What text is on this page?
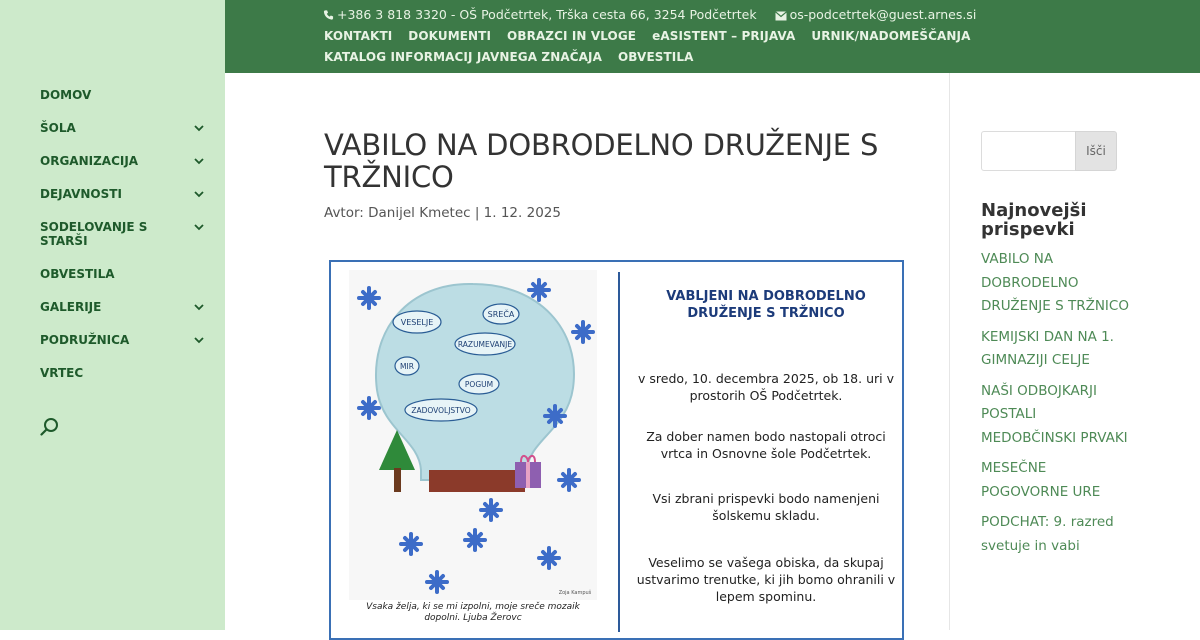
DOMOV
ŠOLA
ORGANIZACIJA
DEJAVNOSTI
SODELOVANJE S STARŠI
OBVESTILA
GALERIJE
PODRUŽNICA
VRTEC
+386 3 818 3320 - OŠ Podčetrtek, Trška cesta 66, 3254 Podčetrtek	os-podcetrtek@guest.arnes.si
KONTAKTI DOKUMENTI OBRAZCI IN VLOGE eASISTENT – PRIJAVA URNIK/NADOMEŠČANJA
KATALOG INFORMACIJ JAVNEGA ZNAČAJA OBVESTILA
VABILO NA DOBRODELNO DRUŽENJE S TRŽNICO
Avtor: Danijel Kmetec | 1. 12. 2025
VESELJE
SREČA
RAZUMEVANJE
MIR
POGUM
ZADOVOLJSTVO
Zoja Kampuš
Vsaka želja, ki se mi izpolni, moje sreče mozaik dopolni. Ljuba Žerovc
VABLJENI NA DOBRODELNO DRUŽENJE S TRŽNICO
v sredo, 10. decembra 2025, ob 18. uri v prostorih OŠ Podčetrtek.
Za dober namen bodo nastopali otroci vrtca in Osnovne šole Podčetrtek.
Vsi zbrani prispevki bodo namenjeni šolskemu skladu.
Veselimo se vašega obiska, da skupaj ustvarimo trenutke, ki jih bomo ohranili v lepem spominu.
Išči
Najnovejši prispevki
VABILO NA DOBRODELNO DRUŽENJE S TRŽNICO
KEMIJSKI DAN NA 1. GIMNAZIJI CELJE
NAŠI ODBOJKARJI POSTALI MEDOBČINSKI PRVAKI
MESEČNE POGOVORNE URE
PODCHAT: 9. razred svetuje in vabi
